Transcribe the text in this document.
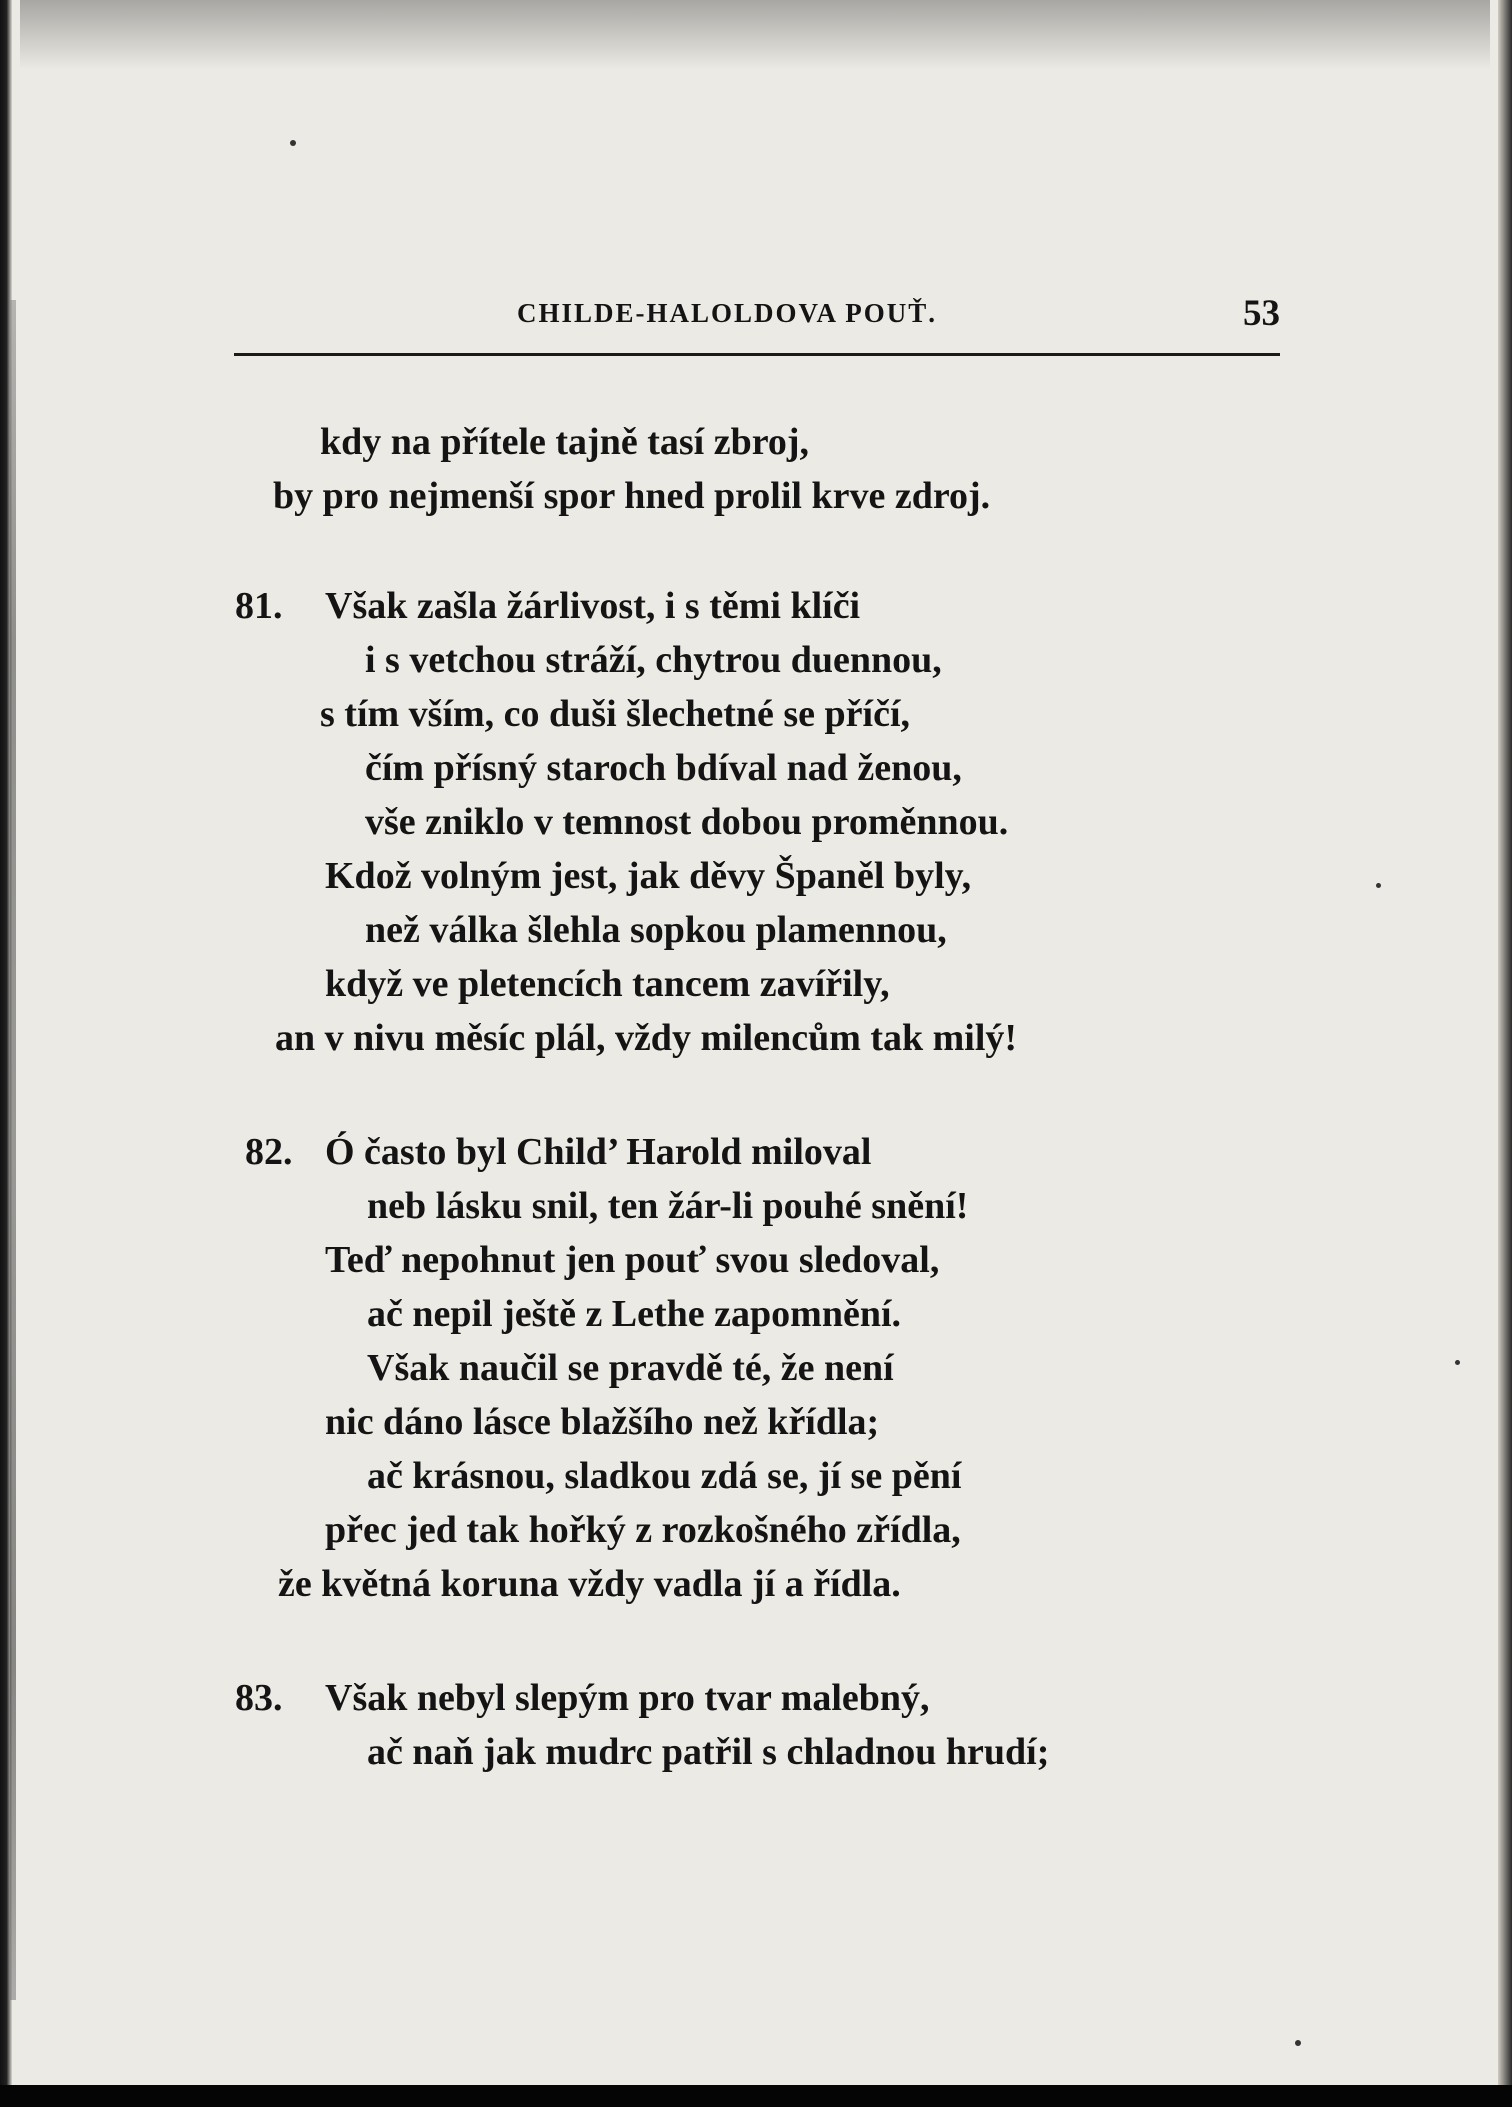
CHILDE-HALOLDOVA POUŤ.	53
kdy na přítele tajně tasí zbroj,
by pro nejmenší spor hned prolil krve zdroj.
81. Však zašla žárlivost, i s těmi klíči
i s vetchou stráží, chytrou duennou,
s tím vším, co duši šlechetné se příčí,
čím přísný staroch bdíval nad ženou,
vše zniklo v temnost dobou proměnnou.
Kdož volným jest, jak děvy Španěl byly,
než válka šlehla sopkou plamennou,
když ve pletencích tancem zavířily,
an v nivu měsíc plál, vždy milencům tak milý!
82. Ó často byl Child’ Harold miloval
neb lásku snil, ten žár-li pouhé snění!
Teď nepohnut jen pouť svou sledoval,
ač nepil ještě z Lethe zapomnění.
Však naučil se pravdě té, že není
nic dáno lásce blažšího než křídla;
ač krásnou, sladkou zdá se, jí se pění
přec jed tak hořký z rozkošného zřídla,
že květná koruna vždy vadla jí a řídla.
83. Však nebyl slepým pro tvar malebný,
ač naň jak mudrc patřil s chladnou hrudí;
